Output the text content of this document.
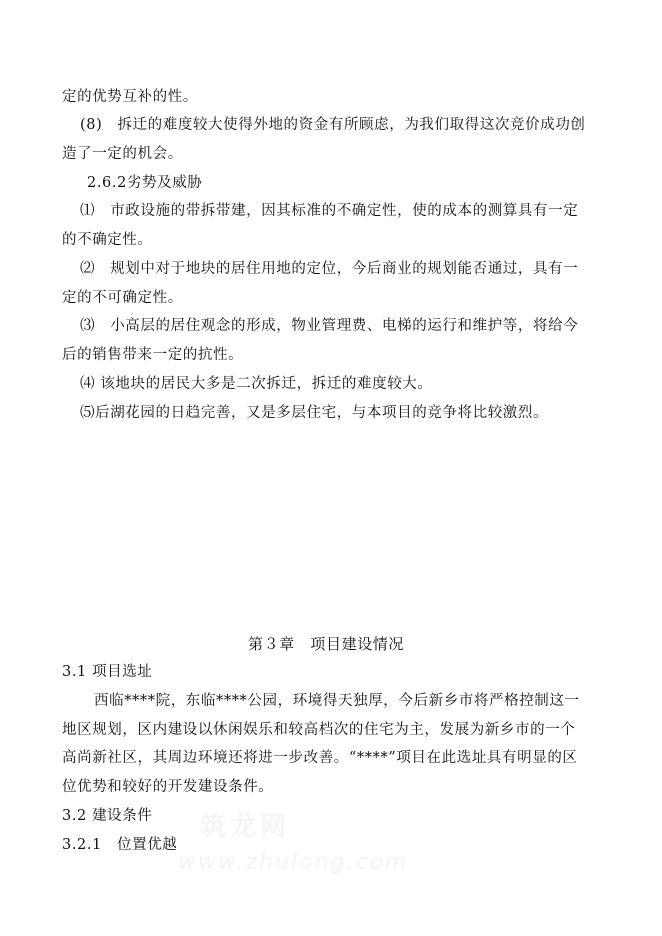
筑龙网
www.zhulong.com
定的优势互补的性。
(8)　拆迁的难度较大使得外地的资金有所顾虑，为我们取得这次竞价成功创
造了一定的机会。
2.6.2劣势及威胁
⑴　市政设施的带拆带建，因其标准的不确定性，使的成本的测算具有一定
的不确定性。
⑵　规划中对于地块的居住用地的定位，今后商业的规划能否通过，具有一
定的不可确定性。
⑶　小高层的居住观念的形成，物业管理费、电梯的运行和维护等，将给今
后的销售带来一定的抗性。
⑷ 该地块的居民大多是二次拆迁，拆迁的难度较大。
⑸后湖花园的日趋完善，又是多层住宅，与本项目的竞争将比较激烈。
第３章　项目建设情况
3.1 项目选址
西临****院，东临****公园，环境得天独厚，今后新乡市将严格控制这一
地区规划，区内建设以休闲娱乐和较高档次的住宅为主，发展为新乡市的一个
高尚新社区，其周边环境还将进一步改善。“****”项目在此选址具有明显的区
位优势和较好的开发建设条件。
3.2 建设条件
3.2.1　位置优越
